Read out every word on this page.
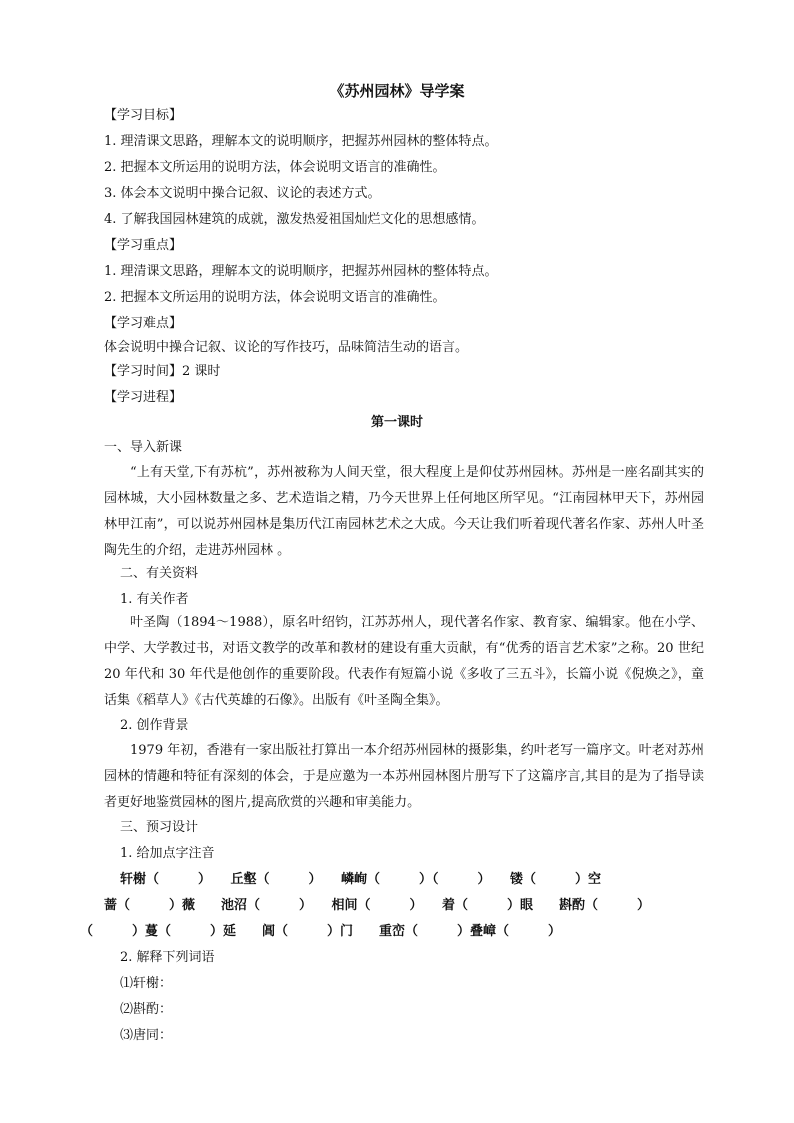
《苏州园林》导学案
【学习目标】
1. 理清课文思路，理解本文的说明顺序，把握苏州园林的整体特点。
2. 把握本文所运用的说明方法，体会说明文语言的准确性。
3. 体会本文说明中操合记叙、议论的表述方式。
4. 了解我国园林建筑的成就，激发热爱祖国灿烂文化的思想感情。
【学习重点】
1. 理清课文思路，理解本文的说明顺序，把握苏州园林的整体特点。
2. 把握本文所运用的说明方法，体会说明文语言的准确性。
【学习难点】
体会说明中操合记叙、议论的写作技巧，品味简洁生动的语言。
【学习时间】2 课时
【学习进程】
第一课时
一、导入新课
“上有天堂,下有苏杭”，苏州被称为人间天堂，很大程度上是仰仗苏州园林。苏州是一座名副其实的园林城，大小园林数量之多、艺术造诣之精，乃今天世界上任何地区所罕见。“江南园林甲天下，苏州园林甲江南”，可以说苏州园林是集历代江南园林艺术之大成。今天让我们听着现代著名作家、苏州人叶圣陶先生的介绍，走进苏州园林 。
二、有关资料
1. 有关作者
叶圣陶（1894～1988），原名叶绍钧，江苏苏州人，现代著名作家、教育家、编辑家。他在小学、中学、大学教过书，对语文教学的改革和教材的建设有重大贡献，有“优秀的语言艺术家”之称。20 世纪 20 年代和 30 年代是他创作的重要阶段。代表作有短篇小说《多收了三五斗》，长篇小说《倪焕之》，童话集《稻草人》《古代英雄的石像》。出版有《叶圣陶全集》。
2. 创作背景
1979 年初，香港有一家出版社打算出一本介绍苏州园林的摄影集，约叶老写一篇序文。叶老对苏州园林的情趣和特征有深刻的体会，于是应邀为一本苏州园林图片册写下了这篇序言,其目的是为了指导读者更好地鉴赏园林的图片,提高欣赏的兴趣和审美能力。
三、预习设计
1. 给加点字注音
轩榭（　　　）　　丘壑（　　　）　　嶙峋（　　　）（　　　）　　镂（　　　）空
蔷（　　　）薇　　池沼（　　　）　　相间（　　　）　　着（　　　）眼　　斟酌（　　　）
（　　　）蔓（　　　）延　　阊（　　　）门　　重峦（　　　）叠嶂（　　　）
2. 解释下列词语
⑴轩榭：
⑵斟酌：
⑶唐同：
